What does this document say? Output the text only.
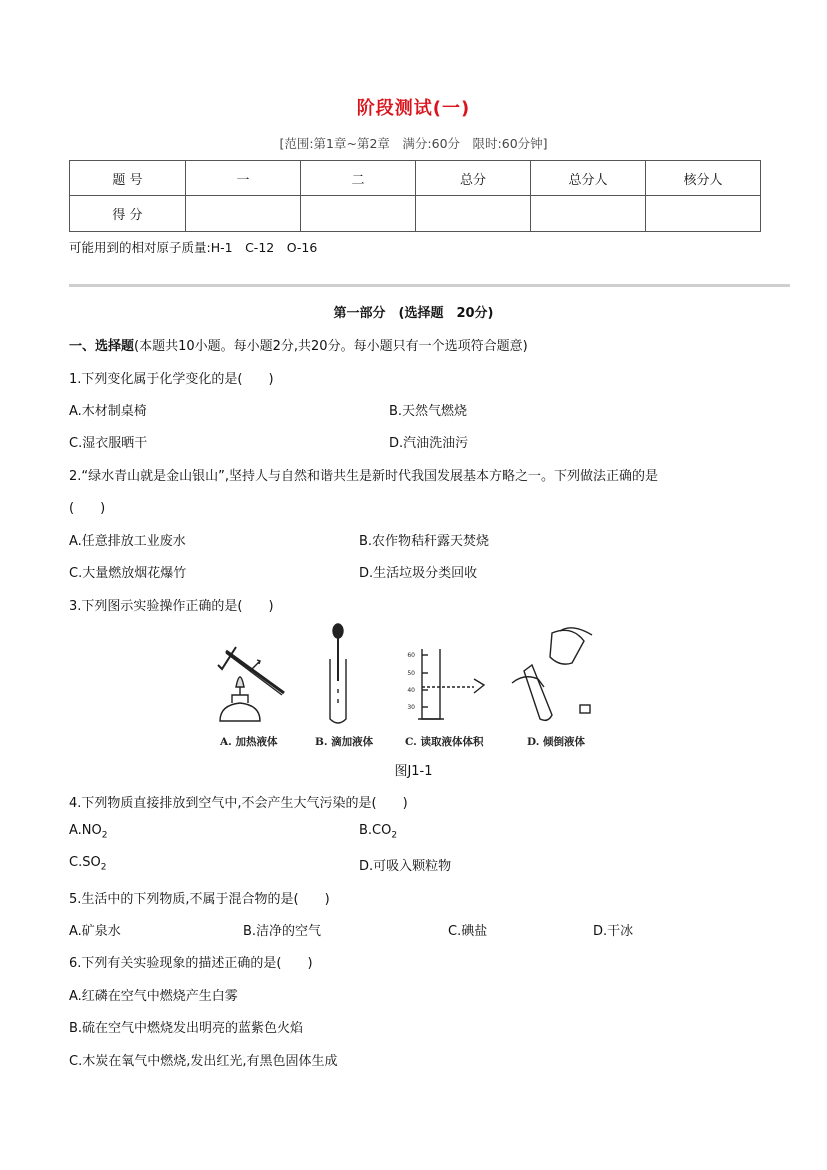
阶段测试(一)
[范围:第1章~第2章　满分:60分　限时:60分钟]
题 号	一	二	总分	总分人	核分人
得 分					
可能用到的相对原子质量:H-1　C-12　O-16
第一部分　(选择题　20分)
一、选择题(本题共10小题。每小题2分,共20分。每小题只有一个选项符合题意)
1.下列变化属于化学变化的是(　　)
A.木材制桌椅	B.天然气燃烧
C.湿衣服晒干	D.汽油洗油污
2.“绿水青山就是金山银山”,坚持人与自然和谐共生是新时代我国发展基本方略之一。下列做法正确的是
(　　)
A.任意排放工业废水	B.农作物秸秆露天焚烧
C.大量燃放烟花爆竹	D.生活垃圾分类回收
3.下列图示实验操作正确的是(　　)
60
50
40
30
A. 加热液体	B. 滴加液体	C. 读取液体体积	D. 倾倒液体
图J1-1
4.下列物质直接排放到空气中,不会产生大气污染的是(　　)
$A.NO_2$	$B.CO_2$
$C.SO_2$	D.可吸入颗粒物
5.生活中的下列物质,不属于混合物的是(　　)
A.矿泉水	B.洁净的空气	C.碘盐	D.干冰
6.下列有关实验现象的描述正确的是(　　)
A.红磷在空气中燃烧产生白雾
B.硫在空气中燃烧发出明亮的蓝紫色火焰
C.木炭在氧气中燃烧,发出红光,有黑色固体生成
